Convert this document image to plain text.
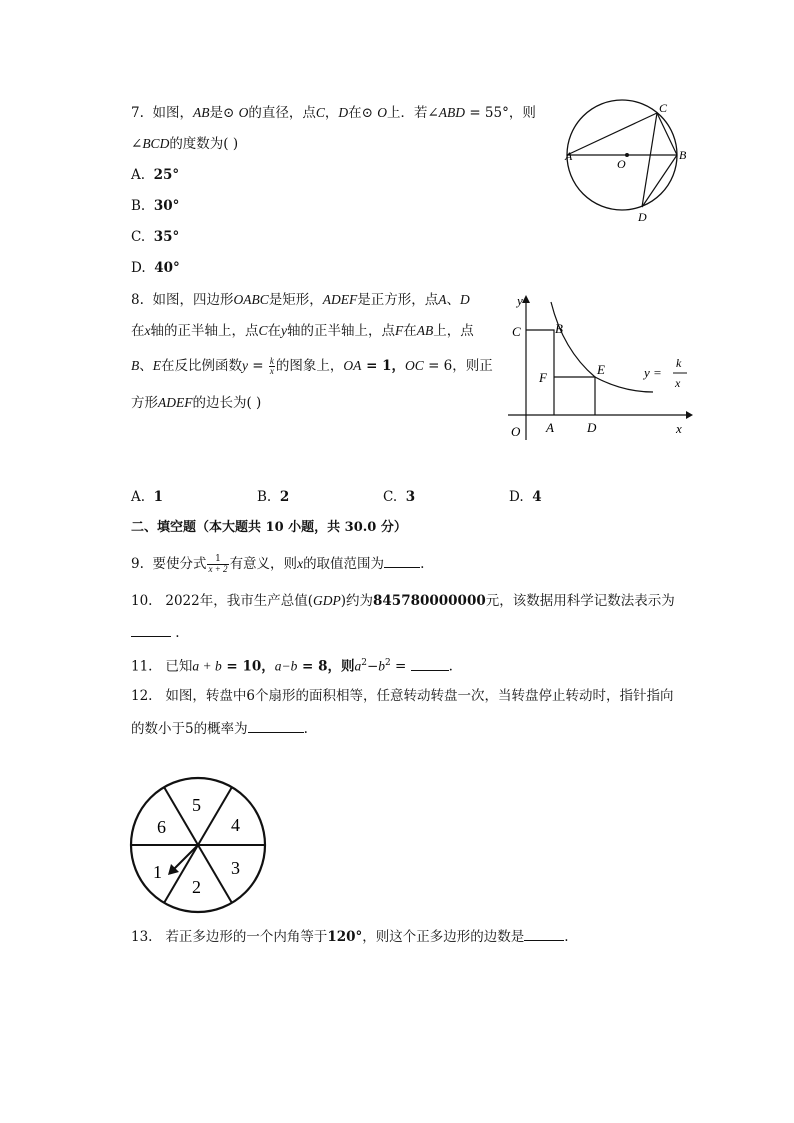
7. 如图，AB是⊙ O的直径，点C，D在⊙ O上．若∠ABD = 55°，则
∠BCD的度数为( )
A. 25°
B. 30°
C. 35°
D. 40°
A	B
C
D
O
8. 如图，四边形OABC是矩形，ADEF是正方形，点A、D
在x轴的正半轴上，点C在y轴的正半轴上，点F在AB上，点
B、E在反比例函数$y = \frac{k}{x}$ 的图象上，OA = 1，OC = 6，则正
方形ADEF的边长为( )
y
x
C	B
F
E
O A	D
y =
k
x
A. 1	B. 2	C. 3	D. 4
二、填空题（本大题共 10 小题，共 30.0 分）
9. 要使分式 $\frac{1}{x + 2}$ 有意义，则x的取值范围为	.
10. 2022年，我市生产总值(GDP)约为845780000000元，该数据用科学记数法表示为
.
11. 已知a + b = 10，a−b = 8，则$a^2-b^2$ =	.
12. 如图，转盘中6个扇形的面积相等，任意转动转盘一次，当转盘停止转动时，指针指向
的数小于5的概率为	.
5
4
3
2
1
6
13. 若正多边形的一个内角等于120°，则这个正多边形的边数是	.
